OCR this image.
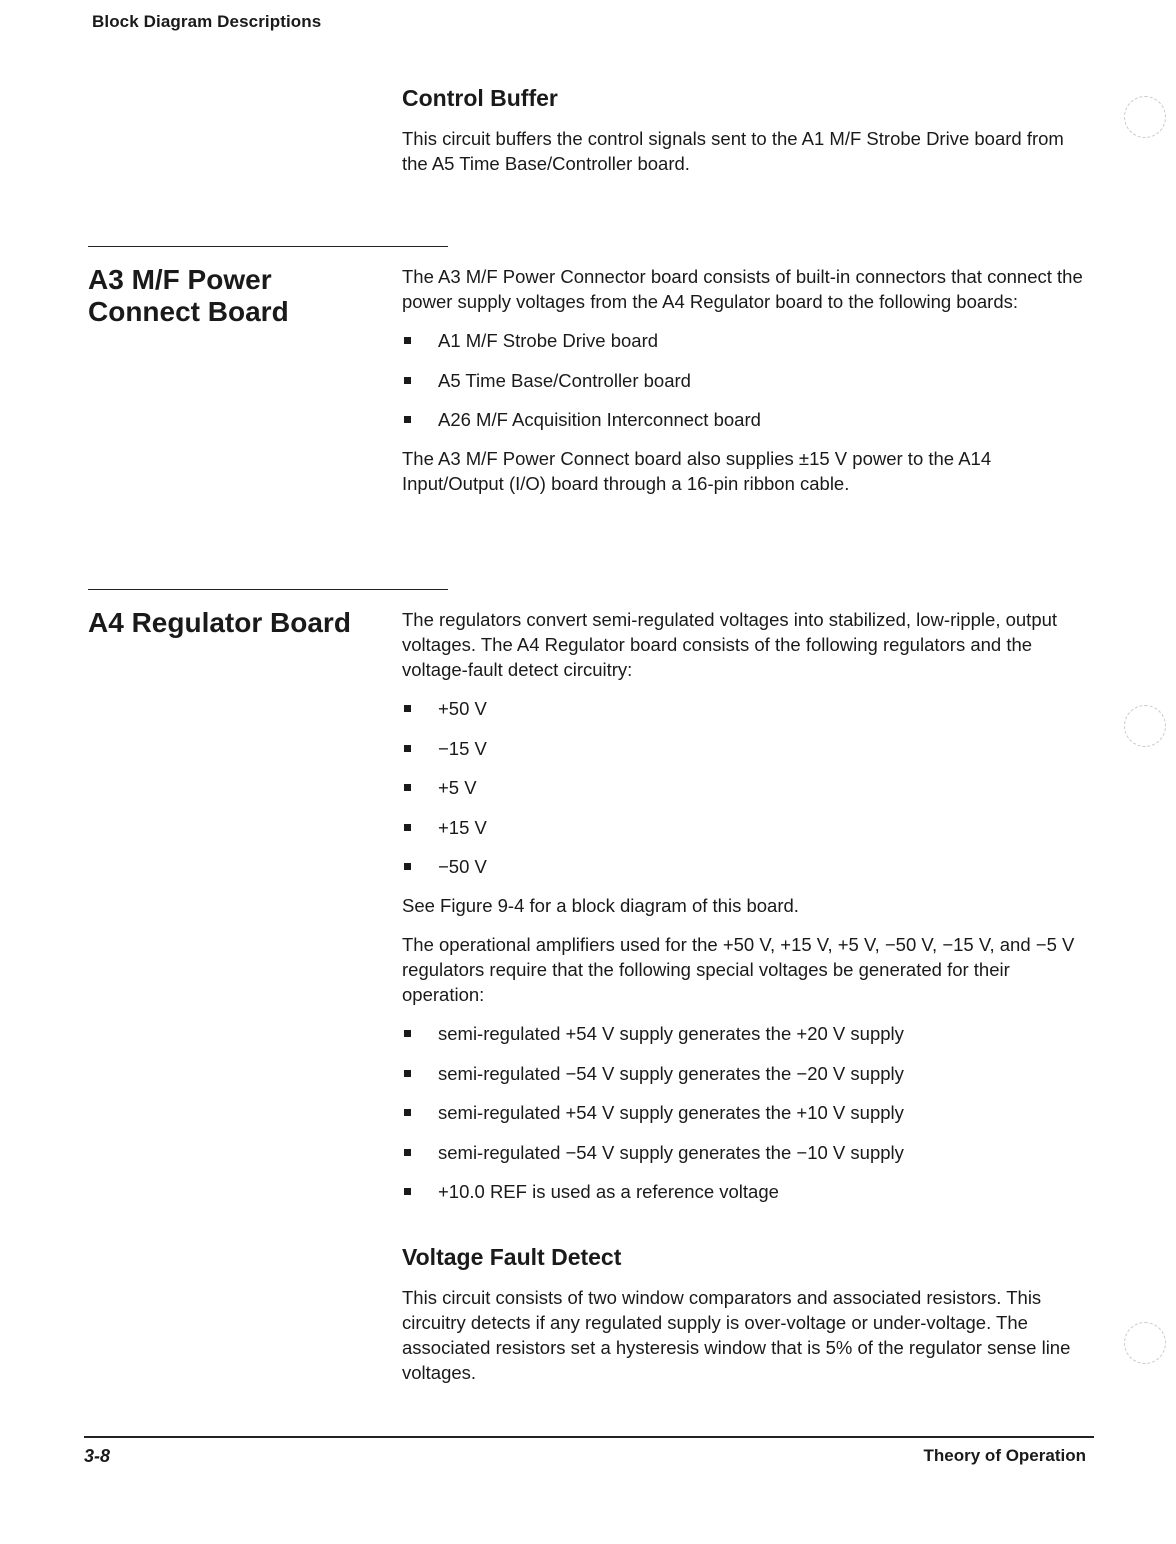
Block Diagram Descriptions
Control Buffer

This circuit buffers the control signals sent to the A1 M/F Strobe Drive board from the A5 Time Base/Controller board.

A3 M/F Power
Connect Board

The A3 M/F Power Connector board consists of built-in connectors that connect the power supply voltages from the A4 Regulator board to the following boards:

A1 M/F Strobe Drive board
A5 Time Base/Controller board
A26 M/F Acquisition Interconnect board

The A3 M/F Power Connect board also supplies ±15 V power to the A14 Input/Output (I/O) board through a 16-pin ribbon cable.

A4 Regulator Board	The regulators convert semi-regulated voltages into stabilized, low-ripple, output voltages. The A4 Regulator board consists of the following regulators and the voltage-fault detect circuitry:

+50 V
−15 V
+5 V
+15 V
−50 V

See Figure 9-4 for a block diagram of this board.

The operational amplifiers used for the +50 V, +15 V, +5 V, −50 V, −15 V, and −5 V regulators require that the following special voltages be generated for their operation:

semi-regulated +54 V supply generates the +20 V supply
semi-regulated −54 V supply generates the −20 V supply
semi-regulated +54 V supply generates the +10 V supply
semi-regulated −54 V supply generates the −10 V supply
+10.0 REF is used as a reference voltage
Voltage Fault Detect

This circuit consists of two window comparators and associated resistors. This circuitry detects if any regulated supply is over-voltage or under-voltage. The associated resistors set a hysteresis window that is 5% of the regulator sense line voltages.

3-8	Theory of Operation
